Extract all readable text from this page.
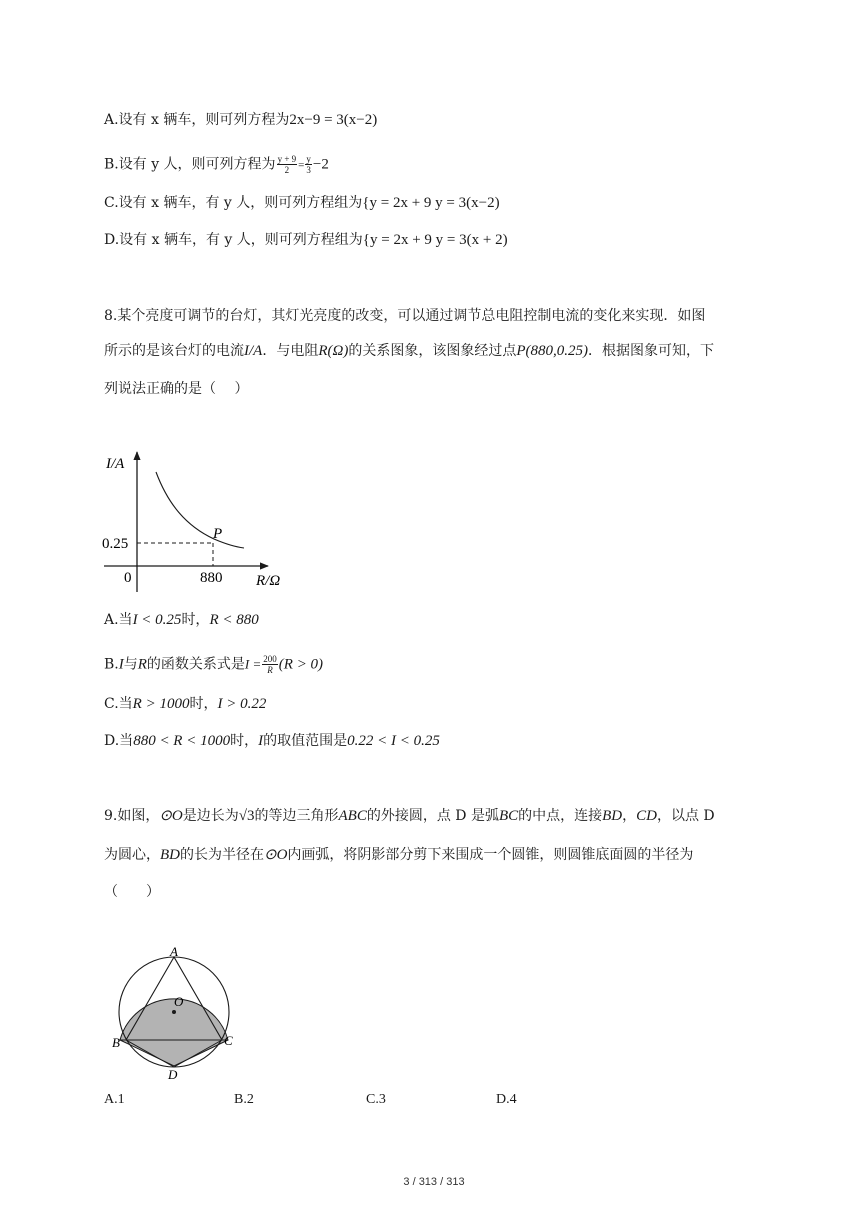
A.设有 x 辆车，则可列方程为2x−9 = 3(x−2)
B.设有 y 人，则可列方程为 $\frac{y + 9}{2} = \frac{y}{3} -2$
C.设有 x 辆车，有 y 人，则可列方程组为{y = 2x + 9 y = 3(x−2)
D.设有 x 辆车，有 y 人，则可列方程组为{y = 2x + 9 y = 3(x + 2)
8.某个亮度可调节的台灯，其灯光亮度的改变，可以通过调节总电阻控制电流的变化来实现．如图
所示的是该台灯的电流I/A．与电阻R(Ω)的关系图象，该图象经过点P(880,0.25)．根据图象可知，下
列说法正确的是（　 ）
I/A
R/Ω
0	880
0.25
P
A.当I < 0.25时，R < 880
B.I与R的函数关系式是$I = \frac{200}{R} (R > 0)$
C.当R > 1000时，I > 0.22
D.当880 < R < 1000时，I的取值范围是0.22 < I < 0.25
9.如图，⊙O是边长为√3的等边三角形ABC的外接圆，点 D 是弧BC的中点，连接BD，CD，以点 D
为圆心，BD的长为半径在⊙O内画弧，将阴影部分剪下来围成一个圆锥，则圆锥底面圆的半径为
（　　）
A
B	C
D
O
A.1	B.2	C.3	D.4
3 / 313 / 313
